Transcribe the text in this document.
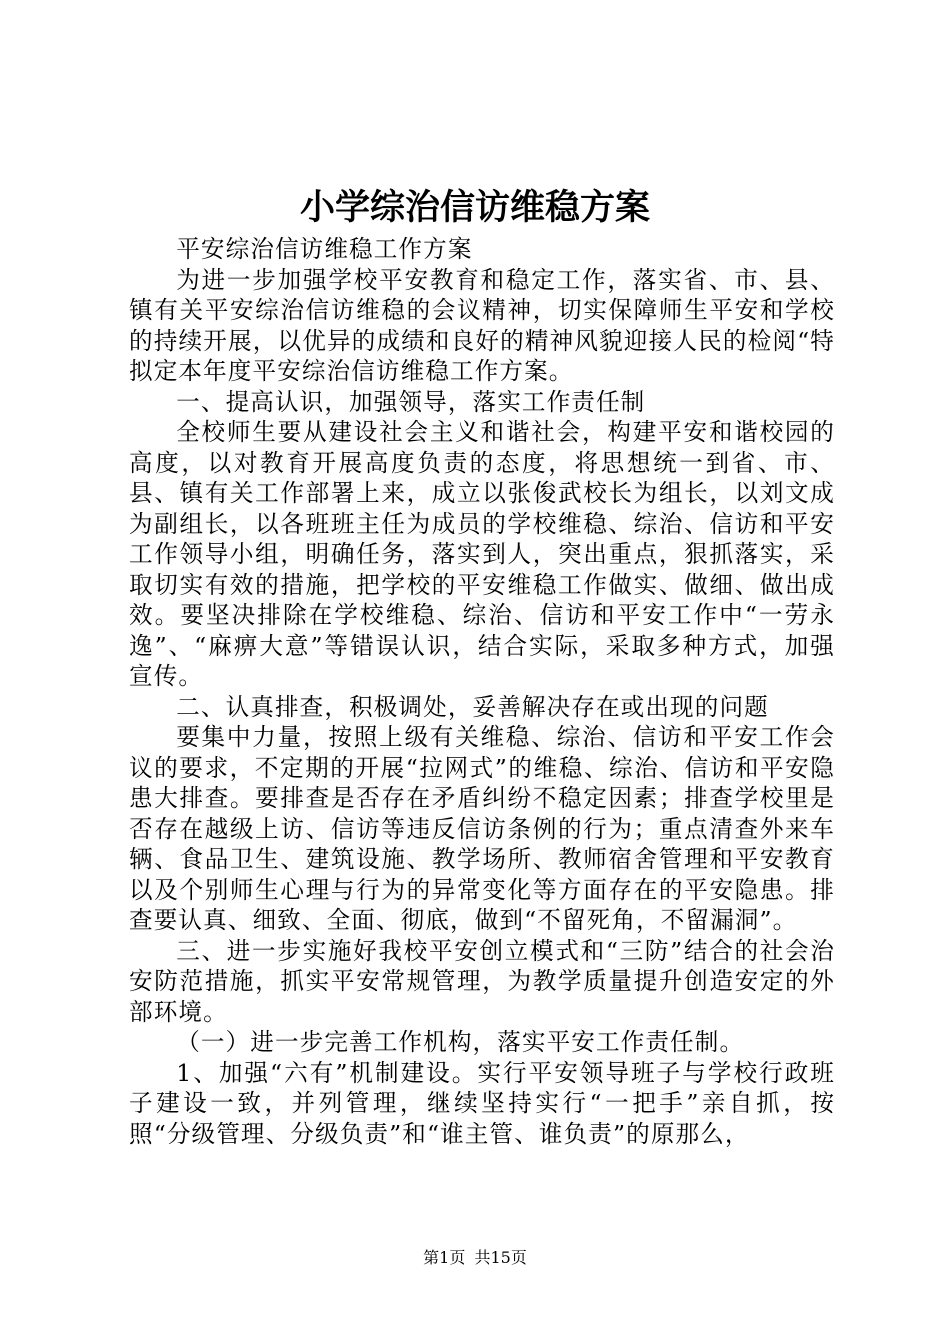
小学综治信访维稳方案

平安综治信访维稳工作方案

为进一步加强学校平安教育和稳定工作，落实省、市、县、镇有关平安综治信访维稳的会议精神，切实保障师生平安和学校的持续开展，以优异的成绩和良好的精神风貌迎接人民的检阅“特拟定本年度平安综治信访维稳工作方案。

一、提高认识，加强领导，落实工作责任制

全校师生要从建设社会主义和谐社会，构建平安和谐校园的高度，以对教育开展高度负责的态度，将思想统一到省、市、县、镇有关工作部署上来，成立以张俊武校长为组长，以刘文成为副组长，以各班班主任为成员的学校维稳、综治、信访和平安工作领导小组，明确任务，落实到人，突出重点，狠抓落实，采取切实有效的措施，把学校的平安维稳工作做实、做细、做出成效。要坚决排除在学校维稳、综治、信访和平安工作中“一劳永逸”、“麻痹大意”等错误认识，结合实际，采取多种方式，加强宣传。

二、认真排查，积极调处，妥善解决存在或出现的问题

要集中力量，按照上级有关维稳、综治、信访和平安工作会议的要求，不定期的开展“拉网式”的维稳、综治、信访和平安隐患大排查。要排查是否存在矛盾纠纷不稳定因素；排查学校里是否存在越级上访、信访等违反信访条例的行为；重点清查外来车辆、食品卫生、建筑设施、教学场所、教师宿舍管理和平安教育以及个别师生心理与行为的异常变化等方面存在的平安隐患。排查要认真、细致、全面、彻底，做到“不留死角，不留漏洞”。

三、进一步实施好我校平安创立模式和“三防”结合的社会治安防范措施，抓实平安常规管理，为教学质量提升创造安定的外部环境。

（一）进一步完善工作机构，落实平安工作责任制。

1、加强“六有”机制建设。实行平安领导班子与学校行政班子建设一致，并列管理，继续坚持实行“一把手”亲自抓，按照“分级管理、分级负责”和“谁主管、谁负责”的原那么，

第1页 共15页
